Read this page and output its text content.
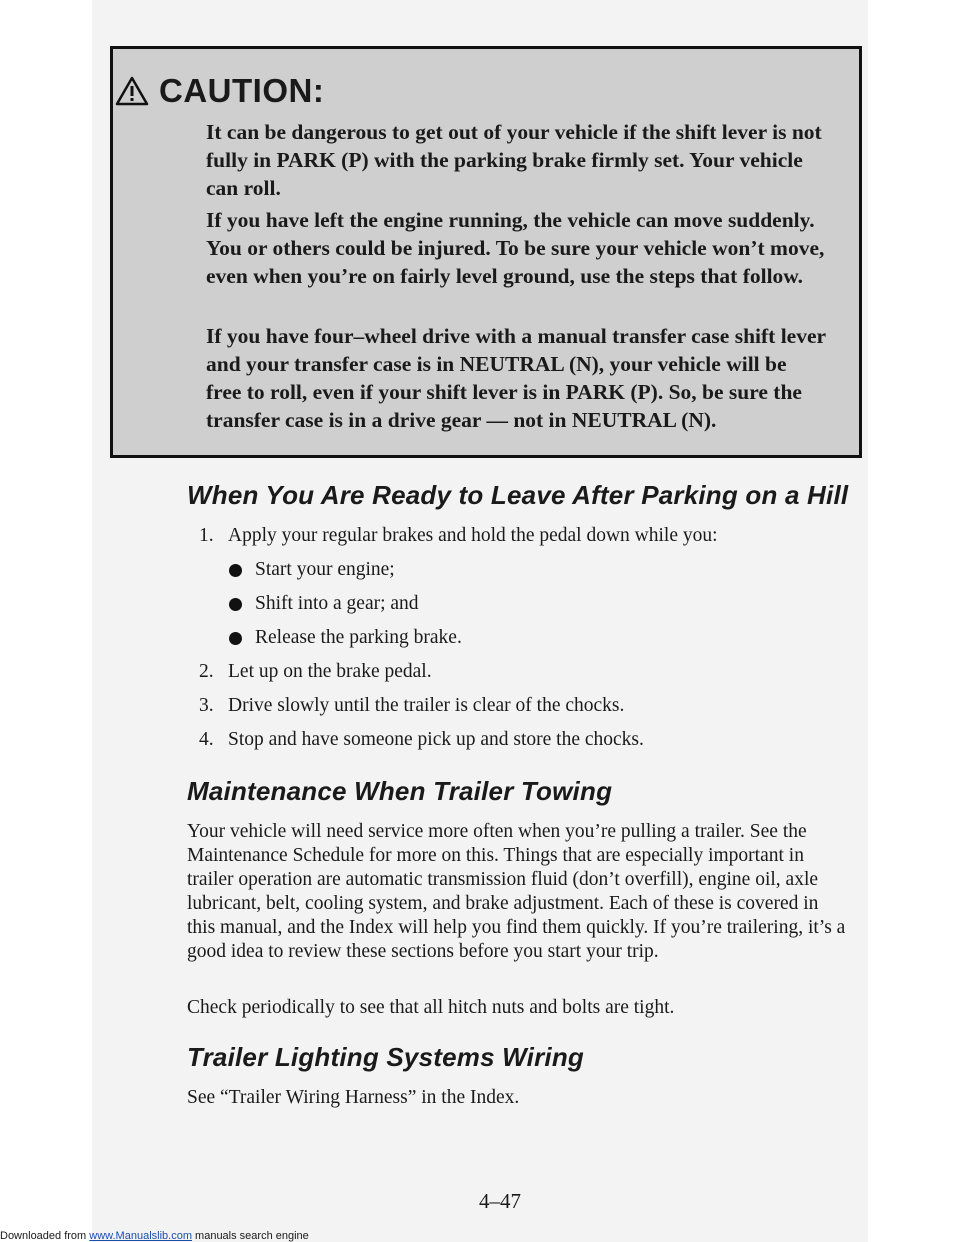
CAUTION:

It can be dangerous to get out of your vehicle if the shift lever is not fully in PARK (P) with the parking brake firmly set. Your vehicle can roll.

If you have left the engine running, the vehicle can move suddenly. You or others could be injured. To be sure your vehicle won’t move, even when you’re on fairly level ground, use the steps that follow.

If you have four–wheel drive with a manual transfer case shift lever and your transfer case is in NEUTRAL (N), your vehicle will be free to roll, even if your shift lever is in PARK (P). So, be sure the transfer case is in a drive gear — not in NEUTRAL (N).

When You Are Ready to Leave After Parking on a Hill
1. Apply your regular brakes and hold the pedal down while you:
Start your engine;
Shift into a gear; and
Release the parking brake.
2. Let up on the brake pedal.
3. Drive slowly until the trailer is clear of the chocks.
4. Stop and have someone pick up and store the chocks.
Maintenance When Trailer Towing

Your vehicle will need service more often when you’re pulling a trailer. See the Maintenance Schedule for more on this. Things that are especially important in trailer operation are automatic transmission fluid (don’t overfill), engine oil, axle lubricant, belt, cooling system, and brake adjustment. Each of these is covered in this manual, and the Index will help you find them quickly. If you’re trailering, it’s a good idea to review these sections before you start your trip.

Check periodically to see that all hitch nuts and bolts are tight.

Trailer Lighting Systems Wiring

See “Trailer Wiring Harness” in the Index.

4–47
Downloaded from www.Manualslib.com manuals search engine
